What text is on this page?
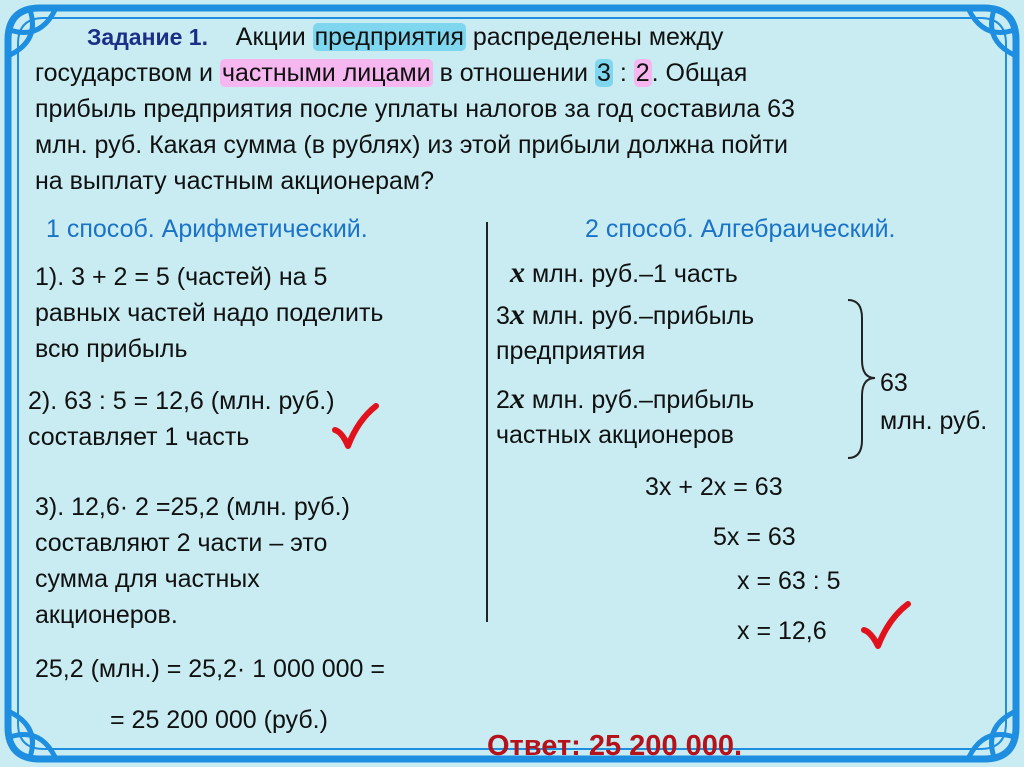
Задание 1. Акции предприятия распределены между
государством и частными лицами в отношении 3 : 2. Общая
прибыль предприятия после уплаты налогов за год составила 63
млн. руб. Какая сумма (в рублях) из этой прибыли должна пойти
на выплату частным акционерам?
1 способ. Арифметический.
1). 3 + 2 = 5 (частей) на 5
равных частей надо поделить
всю прибыль
2). 63 : 5 = 12,6 (млн. руб.)
составляет 1 часть
3). 12,6· 2 =25,2 (млн. руб.)
составляют 2 части – это
сумма для частных
акционеров.
25,2 (млн.) = 25,2· 1 000 000 =
= 25 200 000 (руб.)
2 способ. Алгебраический.
x млн. руб.–1 часть
3x млн. руб.–прибыль
предприятия
2x млн. руб.–прибыль
частных акционеров
63
млн. руб.
3x + 2x = 63
5x = 63
x = 63 : 5
x = 12,6
Ответ: 25 200 000.
